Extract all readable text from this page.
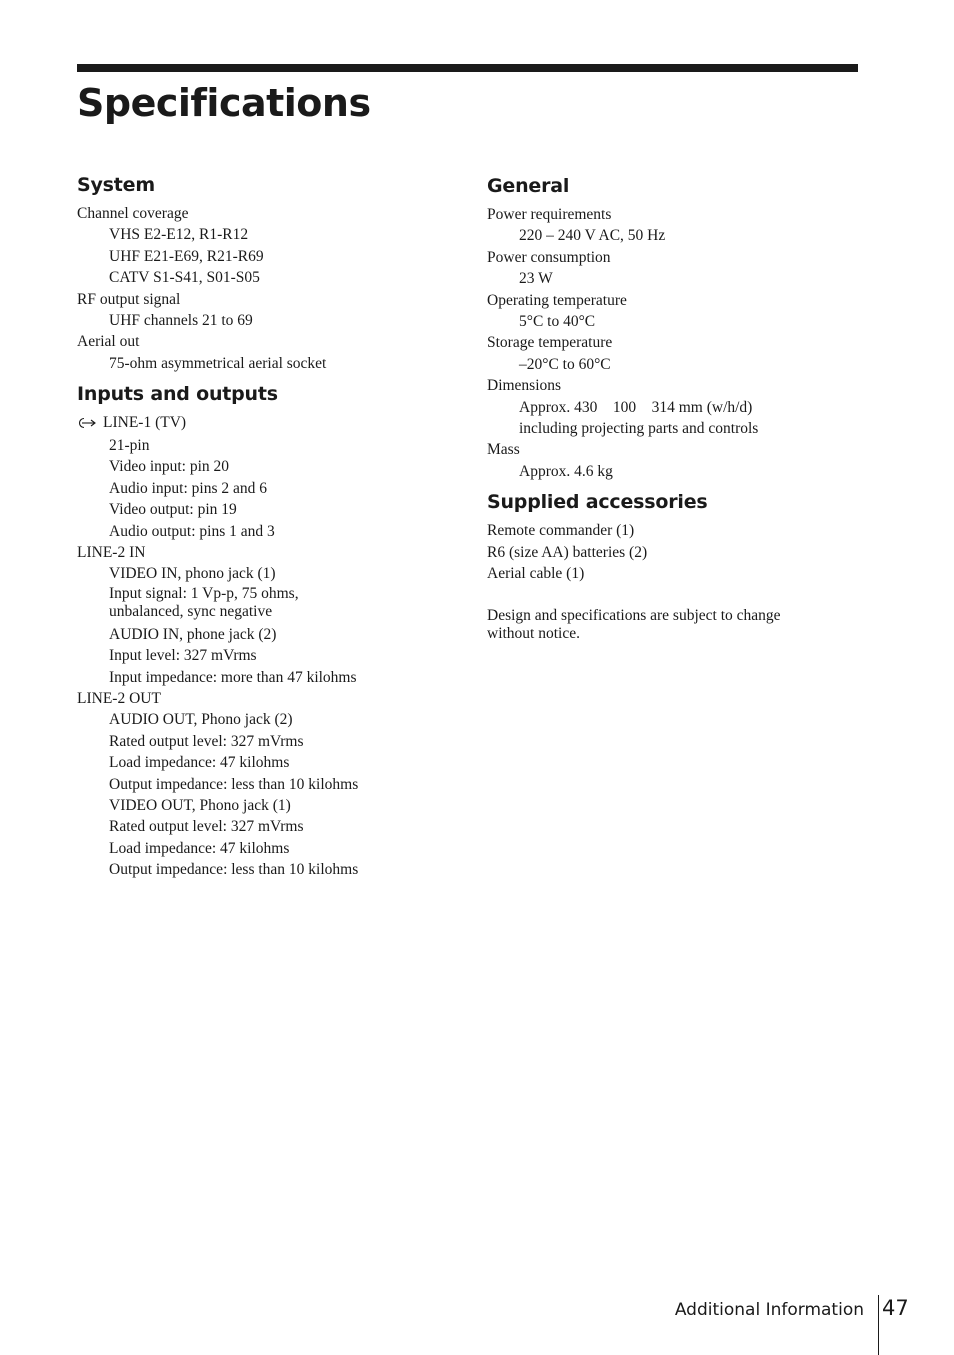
Specifications
System
Channel coverage
VHS E2-E12, R1-R12
UHF E21-E69, R21-R69
CATV S1-S41, S01-S05
RF output signal
UHF channels 21 to 69
Aerial out
75-ohm asymmetrical aerial socket
Inputs and outputs
LINE-1 (TV)
21-pin
Video input: pin 20
Audio input: pins 2 and 6
Video output: pin 19
Audio output: pins 1 and 3
LINE-2 IN
VIDEO IN, phono jack (1)
Input signal: 1 Vp-p, 75 ohms, unbalanced, sync negative
AUDIO IN, phone jack (2)
Input level: 327 mVrms
Input impedance: more than 47 kilohms
LINE-2 OUT
AUDIO OUT, Phono jack (2)
Rated output level: 327 mVrms
Load impedance: 47 kilohms
Output impedance: less than 10 kilohms
VIDEO OUT, Phono jack (1)
Rated output level: 327 mVrms
Load impedance: 47 kilohms
Output impedance: less than 10 kilohms
General
Power requirements
220 – 240 V AC, 50 Hz
Power consumption
23 W
Operating temperature
5°C to 40°C
Storage temperature
–20°C to 60°C
Dimensions
Approx. 430    100    314 mm (w/h/d)
including projecting parts and controls
Mass
Approx. 4.6 kg
Supplied accessories
Remote commander (1)
R6 (size AA) batteries (2)
Aerial cable (1)
Design and specifications are subject to change without notice.
Additional Information 47
